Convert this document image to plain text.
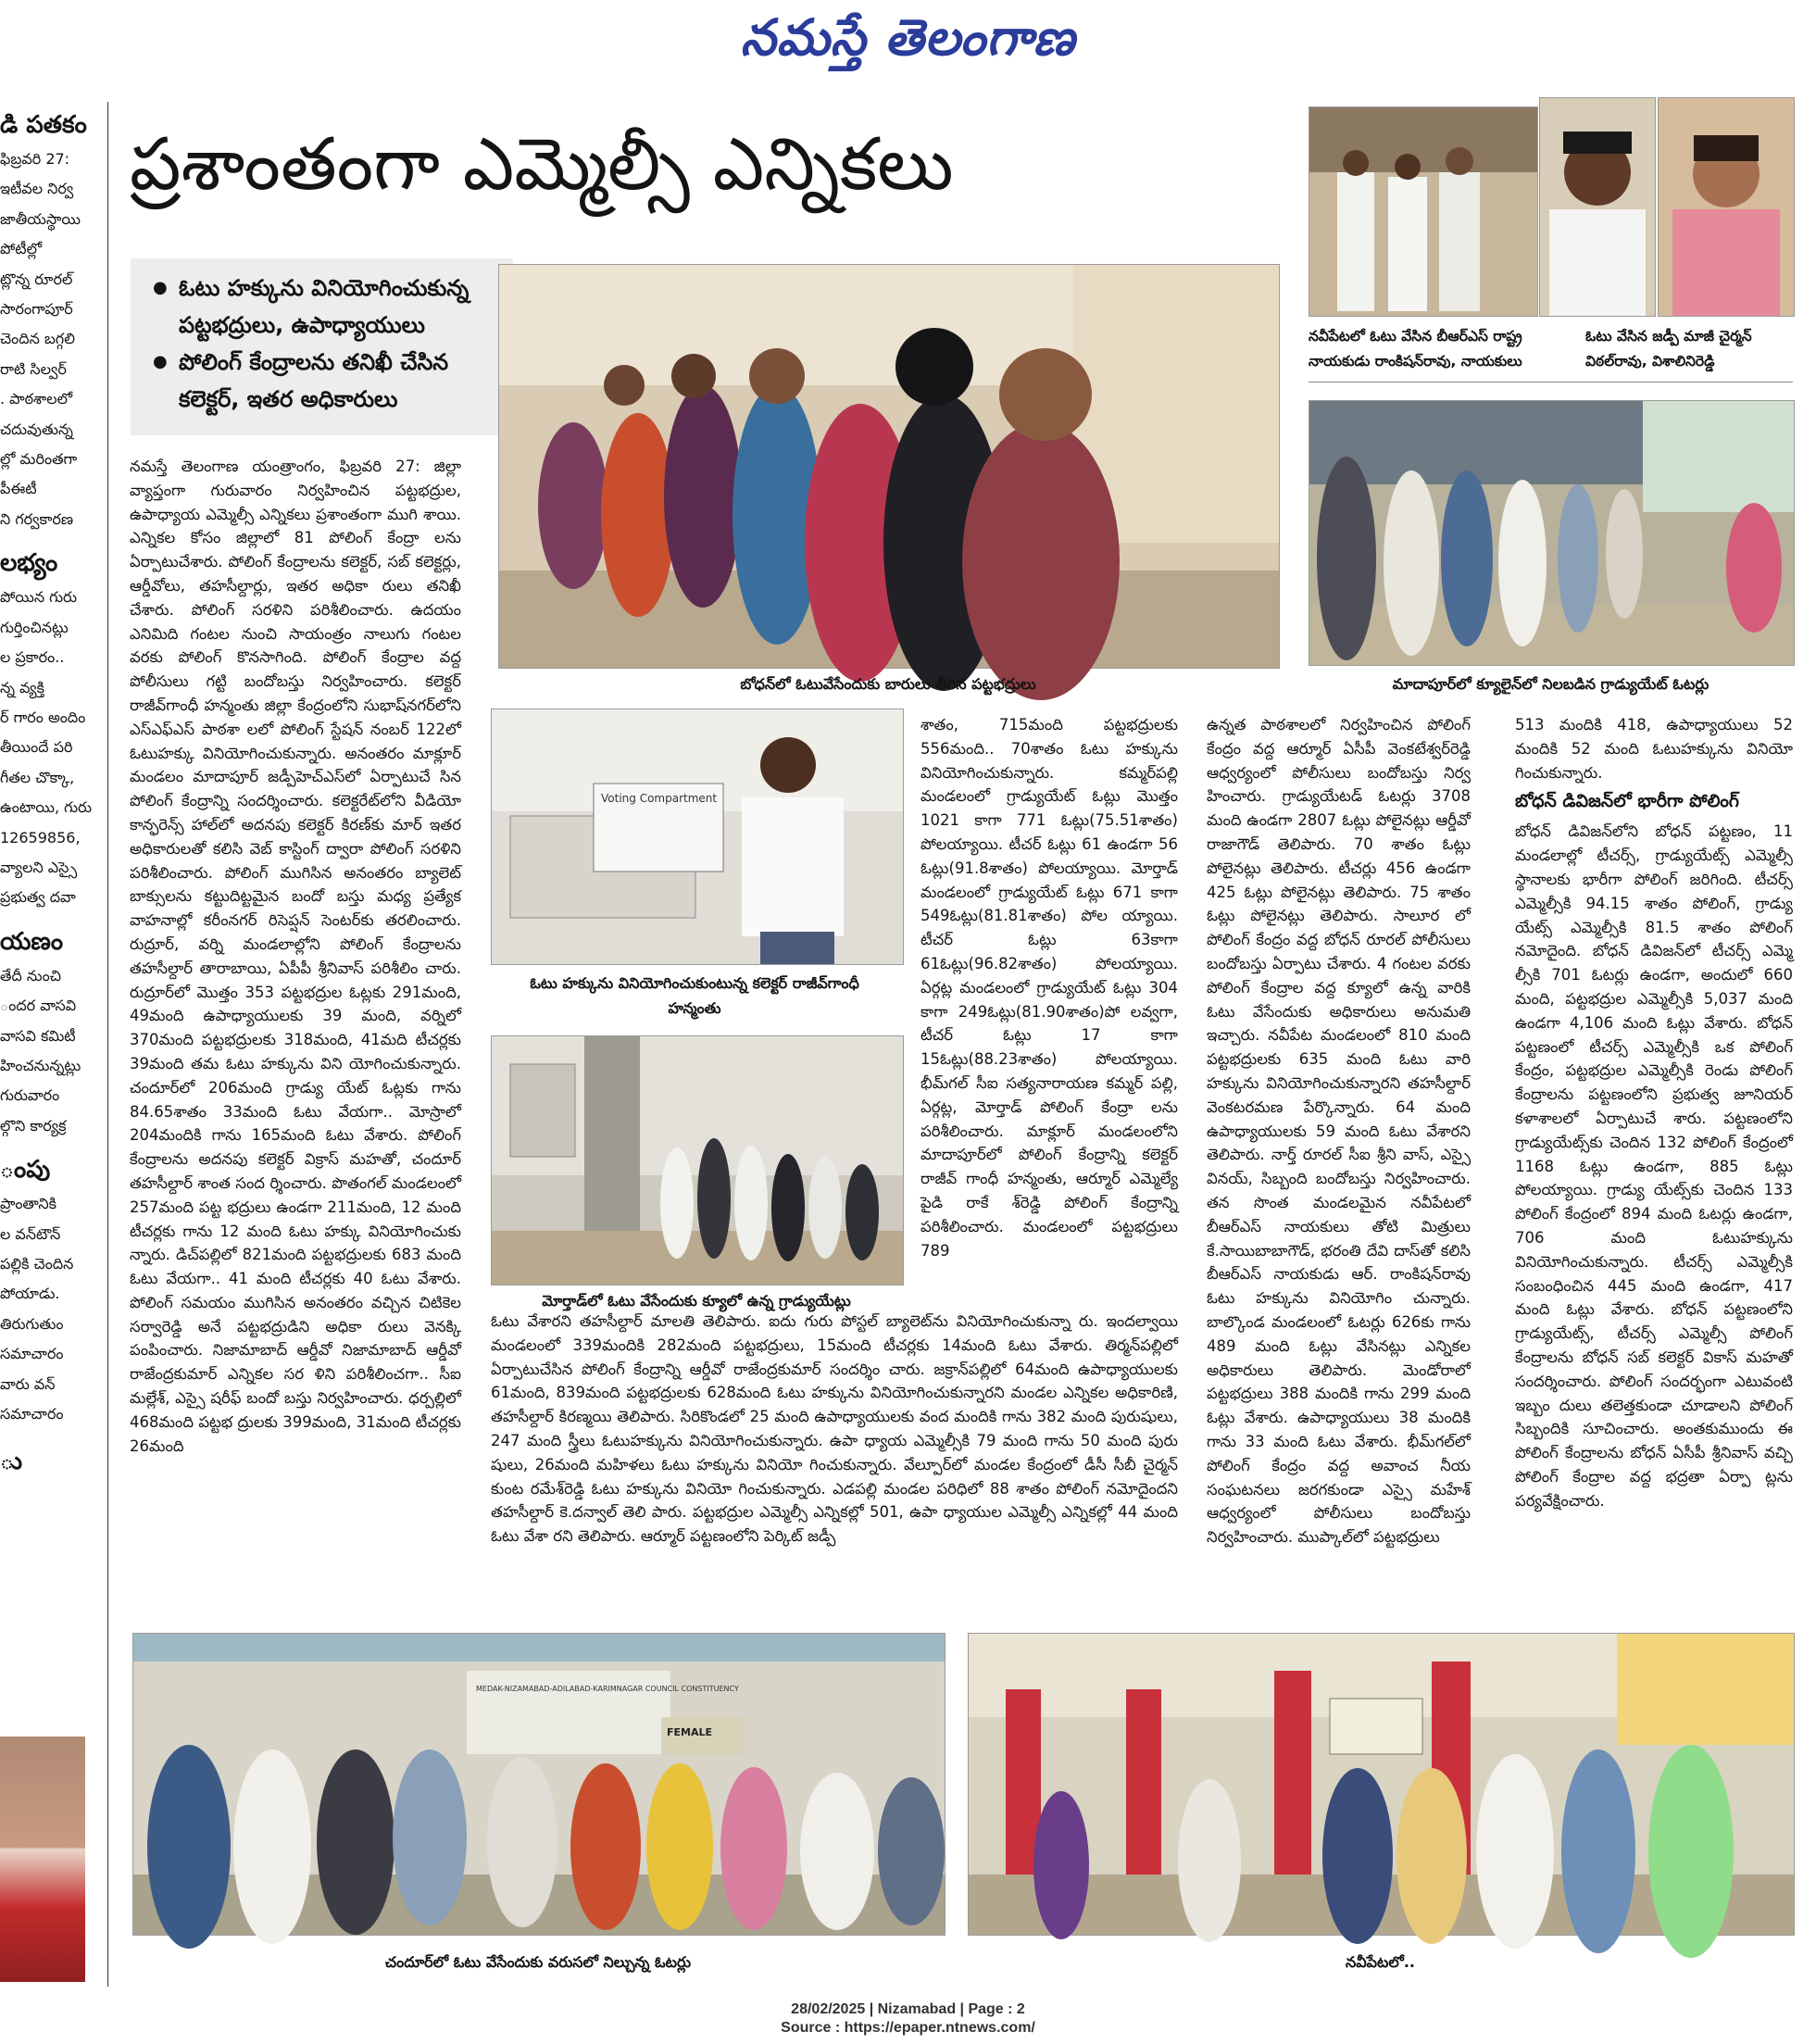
నమస్తే తెలంగాణ
డి పతకం

ఫిబ్రవరి 27:

ఇటీవల నిర్వ

జాతీయస్థాయి

పోటీల్లో

ట్లొన్న రూరల్

సారంగాపూర్

చెందిన బగ్గలి

రాటి సిల్వర్

. పాఠశాలలో

చదువుతున్న

ల్లో మరింతగా

పీఈటీ

ని గర్వకారణ

లభ్యం

పోయిన గురు

గుర్తించినట్లు

ల ప్రకారం..

న్న వ్యక్తి

ర్ గారం అందిం

తీయిందే పరి

గీతల చొక్కా,

ఉంటాయి, గురు

12659856,

వ్యాలని ఎస్సై

ప్రభుత్వ దవా

యణం

తేదీ నుంచి

ందర వాసవి

వాసవి కమిటీ

హించనున్నట్లు

గురువారం

ల్గొని కార్యక్ర

ంపు

ప్రాంతానికి

ల వన్‌టౌన్

పల్లికి చెందిన

పోయాడు.

తిరుగుతుం

సమాచారం

వారు వన్

సమాచారం

ు
ప్రశాంతంగా ఎమ్మెల్సీ ఎన్నికలు
● ఓటు హక్కును వినియోగించుకున్న పట్టభద్రులు, ఉపాధ్యాయులు
● పోలింగ్ కేంద్రాలను తనిఖీ చేసిన కలెక్టర్, ఇతర అధికారులు
బోధన్‌లో ఓటువేసేందుకు బారులు తీరిన పట్టభద్రులు
నవీపేటలో ఓటు వేసిన బీఆర్ఎస్ రాష్ట్ర నాయకుడు రాంకిషన్‌రావు, నాయకులు
ఓటు వేసిన జడ్పీ మాజీ చైర్మన్ విఠల్‌రావు, విశాలినిరెడ్డి
మాదాపూర్‌లో క్యూలైన్‌లో నిలబడిన గ్రాడ్యుయేట్ ఓటర్లు
Voting Compartment
ఓటు హక్కును వినియోగించుకుంటున్న కలెక్టర్ రాజీవ్‌గాంధీ హన్మంతు
మోర్తాడ్‌లో ఓటు వేసేందుకు క్యూలో ఉన్న గ్రాడ్యుయేట్లు

నమస్తే తెలంగాణ యంత్రాంగం, ఫిబ్రవరి 27: జిల్లా వ్యాప్తంగా గురువారం నిర్వహించిన పట్టభద్రుల, ఉపాధ్యాయ ఎమ్మెల్సీ ఎన్నికలు ప్రశాంతంగా ముగి శాయి. ఎన్నికల కోసం జిల్లాలో 81 పోలింగ్ కేంద్రా లను ఏర్పాటుచేశారు. పోలింగ్ కేంద్రాలను కలెక్టర్, సబ్ కలెక్టర్లు, ఆర్డీవోలు, తహసీల్దార్లు, ఇతర అధికా రులు తనిఖీ చేశారు. పోలింగ్ సరళిని పరిశీలించారు. ఉదయం ఎనిమిది గంటల నుంచి సాయంత్రం నాలుగు గంటల వరకు పోలింగ్ కొనసాగింది. పోలింగ్ కేంద్రాల వద్ద పోలీసులు గట్టి బందోబస్తు నిర్వహించారు. కలెక్టర్ రాజీవ్‌గాంధీ హన్మంతు జిల్లా కేంద్రంలోని సుభాష్‌నగర్‌లోని ఎస్ఎఫ్ఎస్ పాఠశా లలో పోలింగ్ స్టేషన్ నంబర్ 122లో ఓటుహక్కు వినియోగించుకున్నారు. అనంతరం మాక్లూర్ మండలం మాదాపూర్ జడ్పీహెచ్ఎస్‌లో ఏర్పాటుచే సిన పోలింగ్ కేంద్రాన్ని సందర్శించారు. కలెక్టరేట్‌లోని వీడియో కాన్ఫరెన్స్ హాల్‌లో అదనపు కలెక్టర్ కిరణ్‌కు మార్ ఇతర అధికారులతో కలిసి వెబ్ కాస్టింగ్ ద్వారా పోలింగ్ సరళిని పరిశీలించారు. పోలింగ్ ముగిసిన అనంతరం బ్యాలెట్ బాక్సులను కట్టుదిట్టమైన బందో బస్తు మధ్య ప్రత్యేక వాహనాల్లో కరీంనగర్ రిసెప్షన్ సెంటర్‌కు తరలించారు. రుద్రూర్, వర్ని మండలాల్లోని పోలింగ్ కేంద్రాలను తహసీల్దార్ తారాబాయి, ఏపీపీ శ్రీనివాస్ పరిశీలిం చారు. రుద్రూర్‌లో మొత్తం 353 పట్టభద్రుల ఓట్లకు 291మంది, 49మంది ఉపాధ్యాయులకు 39 మంది, వర్నిలో 370మంది పట్టభద్రులకు 318మంది, 41మది టీచర్లకు 39మంది తమ ఓటు హక్కును విని యోగించుకున్నారు. చందూర్‌లో 206మంది గ్రాడ్యు యేట్ ఓట్లకు గాను 84.65శాతం 33మంది ఓటు వేయగా.. మోస్రాలో 204మందికి గాను 165మంది ఓటు వేశారు. పోలింగ్ కేంద్రాలను అదనపు కలెక్టర్ విక్రాస్ మహతో, చందూర్ తహసీల్దార్ శాంత సంద ర్శించారు. పొతంగల్ మండలంలో 257మంది పట్ట భద్రులు ఉండగా 211మంది, 12 మంది టీచర్లకు గాను 12 మంది ఓటు హక్కు వినియోగించుకు న్నారు. డిచ్‌పల్లిలో 821మంది పట్టభద్రులకు 683 మంది ఓటు వేయగా.. 41 మంది టీచర్లకు 40 ఓటు వేశారు. పోలింగ్ సమయం ముగిసిన అనంతరం వచ్చిన చిటికెల సర్వారెడ్డి అనే పట్టభద్రుడిని అధికా రులు వెనక్కి పంపించారు. నిజామాబాద్ ఆర్డీవో నిజామాబాద్ ఆర్డీవో రాజేంద్రకుమార్ ఎన్నికల సర ళిని పరిశీలించగా.. సీఐ మల్లేశ్, ఎస్సై షరీఫ్ బందో బస్తు నిర్వహించారు. ధర్పల్లిలో 468మంది పట్టభ ద్రులకు 399మంది, 31మంది టీచర్లకు 26మంది

శాతం, 715మంది పట్టభద్రులకు 556మంది.. 70శాతం ఓటు హక్కును వినియోగించుకున్నారు. కమ్మర్‌పల్లి మండలంలో గ్రాడ్యుయేట్ ఓట్లు మొత్తం 1021 కాగా 771 ఓట్లు(75.51శాతం) పోలయ్యాయి. టీచర్ ఓట్లు 61 ఉండగా 56 ఓట్లు(91.8శాతం) పోలయ్యాయి. మోర్తాడ్ మండలంలో గ్రాడ్యుయేట్ ఓట్లు 671 కాగా 549ఓట్లు(81.81శాతం) పోల య్యాయి. టీచర్ ఓట్లు 63కాగా 61ఓట్లు(96.82శాతం) పోలయ్యాయి. ఏర్గట్ల మండలంలో గ్రాడ్యుయేట్ ఓట్లు 304 కాగా 249ఓట్లు(81.90శాతం)పో లవ్వగా, టీచర్ ఓట్లు 17 కాగా 15ఓట్లు(88.23శాతం) పోలయ్యాయి. భీమ్‌గల్ సీఐ సత్యనారాయణ కమ్మర్ పల్లి, ఏర్గట్ల, మోర్తాడ్ పోలింగ్ కేంద్రా లను పరిశీలించారు. మాక్లూర్ మండలంలోని మాదాపూర్‌లో పోలింగ్ కేంద్రాన్ని కలెక్టర్ రాజీవ్ గాంధీ హన్మంతు, ఆర్మూర్ ఎమ్మెల్యే పైడి రాకే శ్‌రెడ్డి పోలింగ్ కేంద్రాన్ని పరిశీలించారు. మండలంలో పట్టభద్రులు 789

ఓటు వేశారని తహసీల్దార్ మాలతి తెలిపారు. ఐదు గురు పోస్టల్ బ్యాలెట్‌ను వినియోగించుకున్నా రు. ఇందల్వాయి మండలంలో 339మందికి 282మంది పట్టభద్రులు, 15మంది టీచర్లకు 14మంది ఓటు వేశారు. తిర్మన్‌పల్లిలో ఏర్పాటుచేసిన పోలింగ్ కేంద్రాన్ని ఆర్డీవో రాజేంద్రకుమార్ సందర్శిం చారు. జక్రాన్‌పల్లిలో 64మంది ఉపాధ్యాయులకు 61మంది, 839మంది పట్టభద్రులకు 628మంది ఓటు హక్కును వినియోగించుకున్నారని మండల ఎన్నికల అధికారిణి, తహసీల్దార్ కిరణ్మయి తెలిపారు. సిరికొండలో 25 మంది ఉపాధ్యాయులకు వంద మందికి గాను 382 మంది పురుషులు, 247 మంది స్త్రీలు ఓటుహక్కును వినియోగించుకున్నారు. ఉపా ధ్యాయ ఎమ్మెల్సీకి 79 మంది గాను 50 మంది పురు షులు, 26మంది మహిళలు ఓటు హక్కును వినియో గించుకున్నారు. వేల్పూర్‌లో మండల కేంద్రంలో డీసీ సీబీ చైర్మన్ కుంట రమేశ్‌రెడ్డి ఓటు హక్కును వినియో గించుకున్నారు. ఎడపల్లి మండల పరిధిలో 88 శాతం పోలింగ్ నమోదైందని తహసీల్దార్ కె.దన్వాల్ తెలి పారు. పట్టభద్రుల ఎమ్మెల్సీ ఎన్నికల్లో 501, ఉపా ధ్యాయుల ఎమ్మెల్సీ ఎన్నికల్లో 44 మంది ఓటు వేశా రని తెలిపారు. ఆర్మూర్ పట్టణంలోని పెర్కిట్ జడ్పీ

ఉన్నత పాఠశాలలో నిర్వహించిన పోలింగ్ కేంద్రం వద్ద ఆర్మూర్ ఏసీపీ వెంకటేశ్వర్‌రెడ్డి ఆధ్వర్యంలో పోలీసులు బందోబస్తు నిర్వ హించారు. గ్రాడ్యుయేటడ్ ఓటర్లు 3708 మంది ఉండగా 2807 ఓట్లు పోలైనట్లు ఆర్డీవో రాజాగౌడ్ తెలిపారు. 70 శాతం ఓట్లు పోలైనట్లు తెలిపారు. టీచర్లు 456 ఉండగా 425 ఓట్లు పోలైనట్లు తెలిపారు. 75 శాతం ఓట్లు పోలైనట్లు తెలిపారు. సాలూర లో పోలింగ్ కేంద్రం వద్ద బోధన్ రూరల్ పోలీసులు బందోబస్తు ఏర్పాటు చేశారు. 4 గంటల వరకు పోలింగ్ కేంద్రాల వద్ద క్యూలో ఉన్న వారికి ఓటు వేసేందుకు అధికారులు అనుమతి ఇచ్చారు. నవీపేట మండలంలో 810 మంది పట్టభద్రులకు 635 మంది ఓటు వారి హక్కును వినియోగించుకున్నారని తహసీల్దార్ వెంకటరమణ పేర్కొన్నారు. 64 మంది ఉపాధ్యాయులకు 59 మంది ఓటు వేశారని తెలిపారు. నార్త్ రూరల్ సీఐ శ్రీని వాస్, ఎస్సై వినయ్, సిబ్బంది బందోబస్తు నిర్వహించారు. తన సొంత మండలమైన నవీపేటలో బీఆర్ఎస్ నాయకులు తోటి మిత్రులు కే.సాయిబాబాగౌడ్, భరంతి దేవి దాస్‌తో కలిసి బీఆర్ఎస్ నాయకుడు ఆర్. రాంకిషన్‌రావు ఓటు హక్కును వినియోగిం చున్నారు. బాల్కొండ మండలంలో ఓటర్లు 626కు గాను 489 మంది ఓట్లు వేసినట్లు ఎన్నికల అధికారులు తెలిపారు. మెండోరాలో పట్టభద్రులు 388 మందికి గాను 299 మంది ఓట్లు వేశారు. ఉపాధ్యాయులు 38 మందికి గాను 33 మంది ఓటు వేశారు. భీమ్‌గల్‌లో పోలింగ్ కేంద్రం వద్ద అవాంచ నీయ సంఘటనలు జరగకుండా ఎస్సై మహేశ్ ఆధ్వర్యంలో పోలీసులు బందోబస్తు నిర్వహించారు. ముప్కాల్‌లో పట్టభద్రులు

513 మందికి 418, ఉపాధ్యాయులు 52 మందికి 52 మంది ఓటుహక్కును వినియో గించుకున్నారు.

బోధన్ డివిజన్‌లో భారీగా పోలింగ్

బోధన్ డివిజన్‌లోని బోధన్ పట్టణం, 11 మండలాల్లో టీచర్స్, గ్రాడ్యుయేట్స్ ఎమ్మెల్సీ స్థానాలకు భారీగా పోలింగ్ జరిగింది. టీచర్స్ ఎమ్మెల్సీకి 94.15 శాతం పోలింగ్, గ్రాడ్యు యేట్స్ ఎమ్మెల్సీకి 81.5 శాతం పోలింగ్ నమోదైంది. బోధన్ డివిజన్‌లో టీచర్స్ ఎమ్మె ల్సీకి 701 ఓటర్లు ఉండగా, అందులో 660 మంది, పట్టభద్రుల ఎమ్మెల్సీకి 5,037 మంది ఉండగా 4,106 మంది ఓట్లు వేశారు. బోధన్ పట్టణంలో టీచర్స్ ఎమ్మెల్సీకి ఒక పోలింగ్ కేంద్రం, పట్టభద్రుల ఎమ్మెల్సీకి రెండు పోలింగ్ కేంద్రాలను పట్టణంలోని ప్రభుత్వ జూనియర్ కళాశాలలో ఏర్పాటుచే శారు. పట్టణంలోని గ్రాడ్యుయేట్స్‌కు చెందిన 132 పోలింగ్ కేంద్రంలో 1168 ఓట్లు ఉండగా, 885 ఓట్లు పోలయ్యాయి. గ్రాడ్యు యేట్స్‌కు చెందిన 133 పోలింగ్ కేంద్రంలో 894 మంది ఓటర్లు ఉండగా, 706 మంది ఓటుహక్కును వినియోగించుకున్నారు. టీచర్స్ ఎమ్మెల్సీకి సంబంధించిన 445 మంది ఉండగా, 417 మంది ఓట్లు వేశారు. బోధన్ పట్టణంలోని గ్రాడ్యుయేట్స్, టీచర్స్ ఎమ్మెల్సీ పోలింగ్ కేంద్రాలను బోధన్ సబ్ కలెక్టర్ వికాస్ మహతో సందర్శించారు. పోలింగ్ సందర్భంగా ఎటువంటి ఇబ్బం దులు తలెత్తకుండా చూడాలని పోలింగ్ సిబ్బందికి సూచించారు. అంతకుముందు ఈ పోలింగ్ కేంద్రాలను బోధన్ ఏసీపీ శ్రీనివాస్ వచ్చి పోలింగ్ కేంద్రాల వద్ద భద్రతా ఏర్పా ట్లను పర్యవేక్షించారు.

MEDAK-NIZAMABAD-ADILABAD-KARIMNAGAR COUNCIL CONSTITUENCY
FEMALE
చందూర్‌లో ఓటు వేసేందుకు వరుసలో నిల్చున్న ఓటర్లు	నవీపేటలో..
28/02/2025 | Nizamabad | Page : 2
Source : https://epaper.ntnews.com/
